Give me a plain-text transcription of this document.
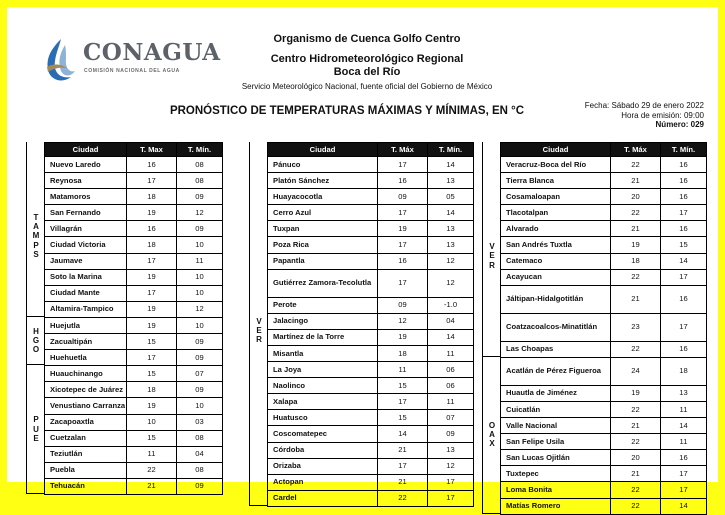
CONAGUA
COMISIÓN NACIONAL DEL AGUA
Organismo de Cuenca Golfo Centro
Centro Hidrometeorológico Regional
Boca del Río
Servicio Meteorológico Nacional, fuente oficial del Gobierno de México
PRONÓSTICO DE TEMPERATURAS MÁXIMAS Y MÍNIMAS, EN °C	Fecha: Sábado 29 de enero 2022
Hora de emisión: 09:00
Número: 029
TAMPS
HGO
PUE
Ciudad	T. Max	T. Mín.
Nuevo Laredo	16	08
Reynosa	17	08
Matamoros	18	09
San Fernando	19	12
Villagrán	16	09
Ciudad Victoria	18	10
Jaumave	17	11
Soto la Marina	19	10
Ciudad Mante	17	10
Altamira-Tampico	19	12
Huejutla	19	10
Zacualtipán	15	09
Huehuetla	17	09
Huauchinango	15	07
Xicotepec de Juárez	18	09
Venustiano Carranza	19	10
Zacapoaxtla	10	03
Cuetzalan	15	08
Teziutlán	11	04
Puebla	22	08
Tehuacán	21	09
VER
Ciudad	T. Máx	T. Mín.
Pánuco	17	14
Platón Sánchez	16	13
Huayacocotla	09	05
Cerro Azul	17	14
Tuxpan	19	13
Poza Rica	17	13
Papantla	16	12
Gutiérrez Zamora-Tecolutla	17	12
Perote	09	-1.0
Jalacingo	12	04
Martínez de la Torre	19	14
Misantla	18	11
La Joya	11	06
Naolinco	15	06
Xalapa	17	11
Huatusco	15	07
Coscomatepec	14	09
Córdoba	21	13
Orizaba	17	12
Actopan	21	17
Cardel	22	17
VER
OAX
Ciudad	T. Máx	T. Mín.
Veracruz-Boca del Río	22	16
Tierra Blanca	21	16
Cosamaloapan	20	16
Tlacotalpan	22	17
Alvarado	21	16
San Andrés Tuxtla	19	15
Catemaco	18	14
Acayucan	22	17
Jáltipan-Hidalgotitlán	21	16
Coatzacoalcos-Minatitlán	23	17
Las Choapas	22	16
Acatlán de Pérez Figueroa	24	18
Huautla de Jiménez	19	13
Cuicatlán	22	11
Valle Nacional	21	14
San Felipe Usila	22	11
San Lucas Ojitlán	20	16
Tuxtepec	21	17
Loma Bonita	22	17
Matías Romero	22	14
